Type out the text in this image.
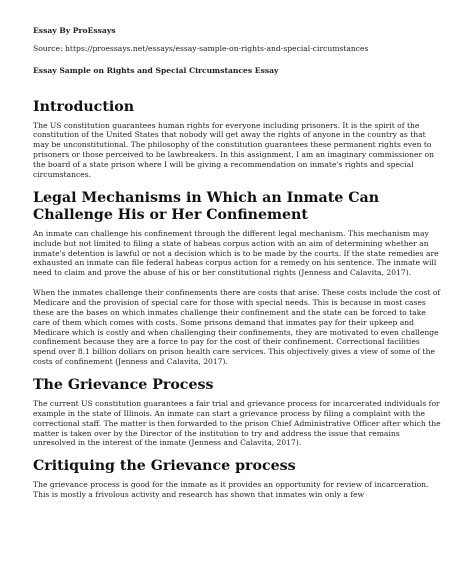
Essay By ProEssays
Source: https://proessays.net/essays/essay-sample-on-rights-and-special-circumstances
Essay Sample on Rights and Special Circumstances Essay
Introduction

The US constitution guarantees human rights for everyone including prisoners. It is the spirit of the constitution of the United States that nobody will get away the rights of anyone in the country as that may be unconstitutional. The philosophy of the constitution guarantees these permanent rights even to prisoners or those perceived to be lawbreakers. In this assignment, I am an imaginary commissioner on the board of a state prison where I will be giving a recommendation on inmate's rights and special circumstances.

Legal Mechanisms in Which an Inmate Can Challenge His or Her Confinement

An inmate can challenge his confinement through the different legal mechanism. This mechanism may include but not limited to filing a state of habeas corpus action with an aim of determining whether an inmate's detention is lawful or not a decision which is to be made by the courts. If the state remedies are exhausted an inmate can file federal habeas corpus action for a remedy on his sentence. The inmate will need to claim and prove the abuse of his or her constitutional rights (Jenness and Calavita, 2017).

When the inmates challenge their confinements there are costs that arise. These costs include the cost of Medicare and the provision of special care for those with special needs. This is because in most cases these are the bases on which inmates challenge their confinement and the state can be forced to take care of them which comes with costs. Some prisons demand that inmates pay for their upkeep and Medicare which is costly and when challenging their confinements, they are motivated to even challenge confinement because they are a force to pay for the cost of their confinement. Correctional facilities spend over 8.1 billion dollars on prison health care services. This objectively gives a view of some of the costs of confinement (Jenness and Calavita, 2017).

The Grievance Process

The current US constitution guarantees a fair trial and grievance process for incarcerated individuals for example in the state of Illinois. An inmate can start a grievance process by filing a complaint with the correctional staff. The matter is then forwarded to the prison Chief Administrative Officer after which the matter is taken over by the Director of the institution to try and address the issue that remains unresolved in the interest of the inmate (Jenness and Calavita, 2017).

Critiquing the Grievance process

The grievance process is good for the inmate as it provides an opportunity for review of incarceration. This is mostly a frivolous activity and research has shown that inmates win only a few
